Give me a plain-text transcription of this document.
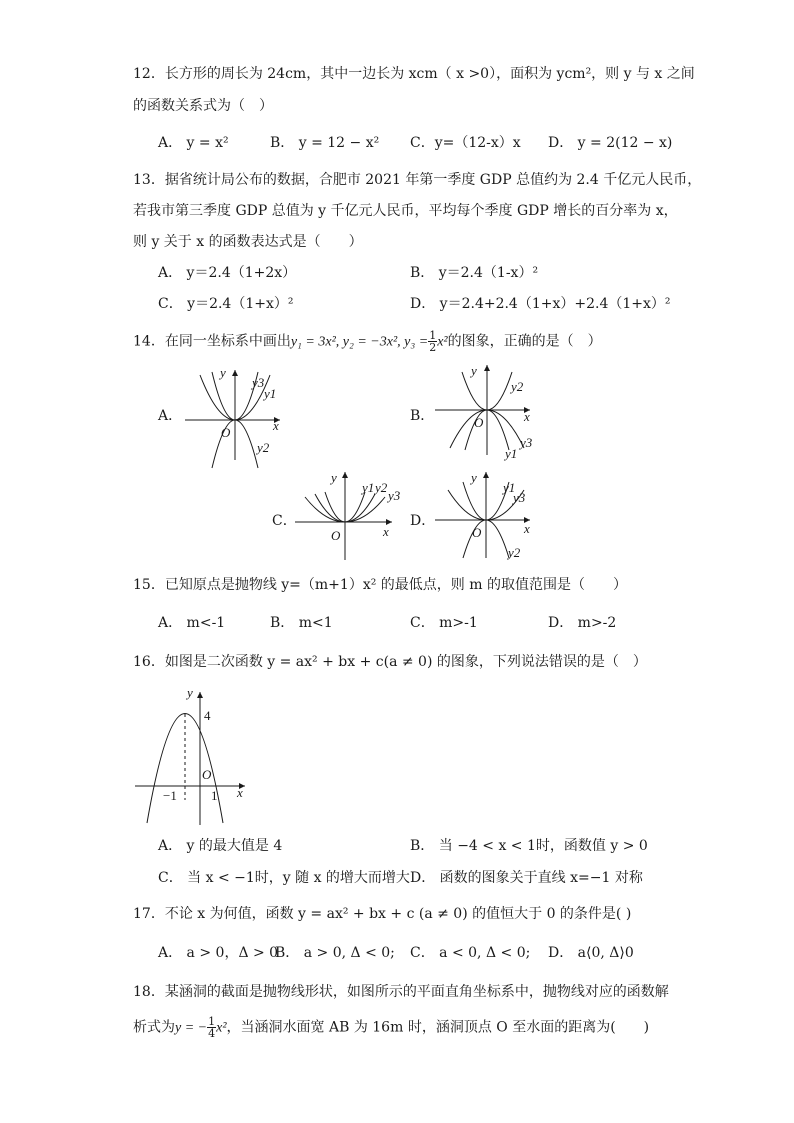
12．长方形的周长为 24cm，其中一边长为 xcm（ x >0），面积为 ycm²，则 y 与 x 之间
的函数关系式为（　）
A． y = x²	B． y = 12 − x² C．y=（12-x）x D． y = 2(12 − x)
13．据省统计局公布的数据，合肥市 2021 年第一季度 GDP 总值约为 2.4 千亿元人民币，
若我市第三季度 GDP 总值为 y 千亿元人民币，平均每个季度 GDP 增长的百分率为 x，
则 y 关于 x 的函数表达式是（　　）
A． y＝2.4（1+2x）	B． y＝2.4（1-x）²
C． y＝2.4（1+x）²	D． y＝2.4+2.4（1+x）+2.4（1+x）²
14．在同一坐标系中画出y₁ = 3x², y₂ = −3x², $y_3 = \frac{1}{2} x^2$的图象，正确的是（　）
A．	B．
C．	D．
y
x
O
y3
y1
y2
y
x
O
y2
y3
y1
y
x
O
y1 y2
y3
y
x
O
y1
y3
y2
15．已知原点是抛物线 y=（m+1）x² 的最低点，则 m 的取值范围是（　　）
A． m<-1	B． m<1	C． m>-1	D． m>-2
16．如图是二次函数 y = ax² + bx + c(a ≠ 0) 的图象，下列说法错误的是（　）
y
x
O
4
−1	1
A． y 的最大值是 4	B． 当 −4 < x < 1时，函数值 y > 0
C． 当 x < −1时，y 随 x 的增大而增大 D． 函数的图象关于直线 x=−1 对称
17．不论 x 为何值，函数 y = ax² + bx + c (a ≠ 0) 的值恒大于 0 的条件是( )
A． a > 0，Δ > 0
B． a > 0, Δ < 0; C． a < 0, Δ < 0; D． a⟨0, Δ⟩0
18．某涵洞的截面是抛物线形状，如图所示的平面直角坐标系中，抛物线对应的函数解
析式为y = − $\frac{1}{4} x^2$，当涵洞水面宽 AB 为 16m 时，涵洞顶点 O 至水面的距离为(　　)
